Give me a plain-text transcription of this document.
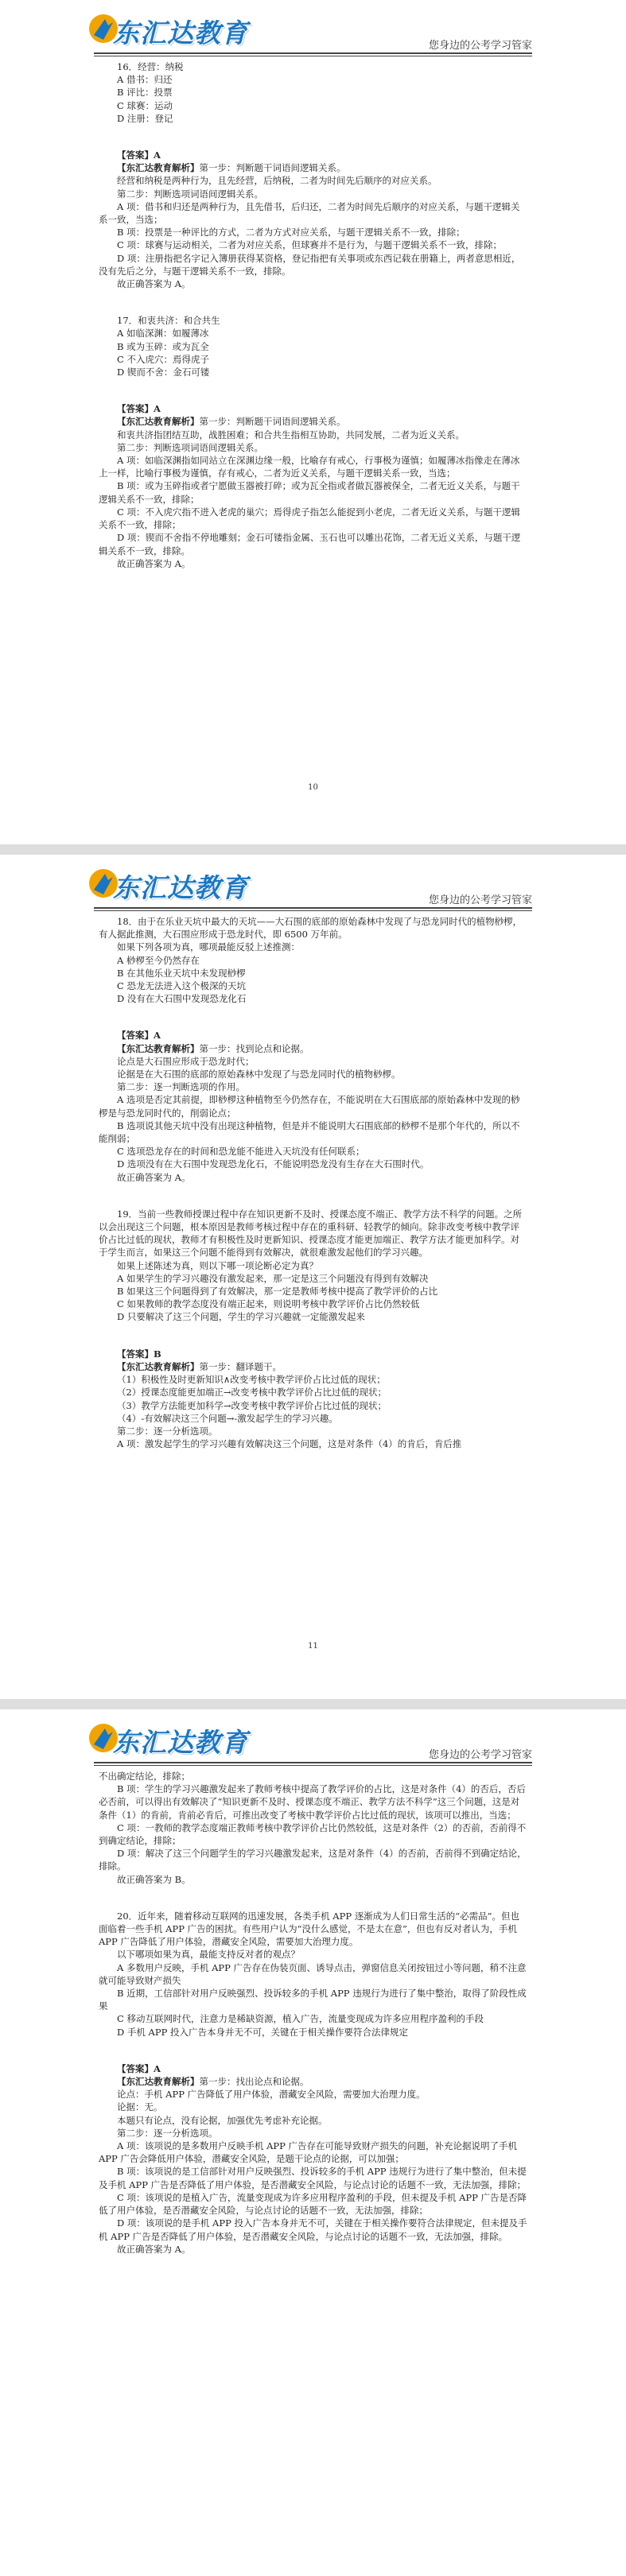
东汇达教育	您身边的公考学习管家

16．经营：纳税

A 借书：归还

B 评比：投票

C 球赛：运动

D 注册：登记

【答案】A

【东汇达教育解析】第一步：判断题干词语间逻辑关系。

经营和纳税是两种行为，且先经营，后纳税，二者为时间先后顺序的对应关系。

第二步：判断选项词语间逻辑关系。

A 项：借书和归还是两种行为，且先借书，后归还，二者为时间先后顺序的对应关系，与题干逻辑关系一致，当选；

B 项：投票是一种评比的方式，二者为方式对应关系，与题干逻辑关系不一致，排除；

C 项：球赛与运动相关，二者为对应关系，但球赛并不是行为，与题干逻辑关系不一致，排除；

D 项：注册指把名字记入簿册获得某资格，登记指把有关事项或东西记载在册籍上，两者意思相近，没有先后之分，与题干逻辑关系不一致，排除。

故正确答案为 A。

17．和衷共济：和合共生

A 如临深渊：如履薄冰

B 或为玉碎：或为瓦全

C 不入虎穴：焉得虎子

D 锲而不舍：金石可镂

【答案】A

【东汇达教育解析】第一步：判断题干词语间逻辑关系。

和衷共济指团结互助，战胜困难；和合共生指相互协助，共同发展，二者为近义关系。

第二步：判断选项词语间逻辑关系。

A 项：如临深渊指如同站立在深渊边缘一般，比喻存有戒心，行事极为谨慎；如履薄冰指像走在薄冰上一样，比喻行事极为谨慎，存有戒心，二者为近义关系，与题干逻辑关系一致，当选；

B 项：或为玉碎指或者宁愿做玉器被打碎；或为瓦全指或者做瓦器被保全，二者无近义关系，与题干逻辑关系不一致，排除；

C 项：不入虎穴指不进入老虎的巢穴；焉得虎子指怎么能捉到小老虎，二者无近义关系，与题干逻辑关系不一致，排除；

D 项：锲而不舍指不停地雕刻；金石可镂指金属、玉石也可以雕出花饰，二者无近义关系，与题干逻辑关系不一致，排除。

故正确答案为 A。

10
东汇达教育	您身边的公考学习管家

18．由于在乐业天坑中最大的天坑——大石围的底部的原始森林中发现了与恐龙同时代的植物桫椤，有人据此推测，大石围应形成于恐龙时代，即 6500 万年前。

如果下列各项为真，哪项最能反驳上述推测：

A 桫椤至今仍然存在

B 在其他乐业天坑中未发现桫椤

C 恐龙无法进入这个极深的天坑

D 没有在大石围中发现恐龙化石

【答案】A

【东汇达教育解析】第一步：找到论点和论据。

论点是大石围应形成于恐龙时代；

论据是在大石围的底部的原始森林中发现了与恐龙同时代的植物桫椤。

第二步：逐一判断选项的作用。

A 选项是否定其前提，即桫椤这种植物至今仍然存在，不能说明在大石围底部的原始森林中发现的桫椤是与恐龙同时代的，削弱论点；

B 选项说其他天坑中没有出现这种植物，但是并不能说明大石围底部的桫椤不是那个年代的，所以不能削弱；

C 选项恐龙存在的时间和恐龙能不能进入天坑没有任何联系；

D 选项没有在大石围中发现恐龙化石，不能说明恐龙没有生存在大石围时代。

故正确答案为 A。

19．当前一些教师授课过程中存在知识更新不及时、授课态度不端正、教学方法不科学的问题。之所以会出现这三个问题，根本原因是教师考核过程中存在的重科研、轻教学的倾向。除非改变考核中教学评价占比过低的现状，教师才有积极性及时更新知识、授课态度才能更加端正、教学方法才能更加科学。对于学生而言，如果这三个问题不能得到有效解决，就很难激发起他们的学习兴趣。

如果上述陈述为真，则以下哪一项论断必定为真？

A 如果学生的学习兴趣没有激发起来，那一定是这三个问题没有得到有效解决

B 如果这三个问题得到了有效解决，那一定是教师考核中提高了教学评价的占比

C 如果教师的教学态度没有端正起来，则说明考核中教学评价占比仍然较低

D 只要解决了这三个问题，学生的学习兴趣就一定能激发起来

【答案】B

【东汇达教育解析】第一步：翻译题干。

（1）积极性及时更新知识∧改变考核中教学评价占比过低的现状；

（2）授课态度能更加端正→改变考核中教学评价占比过低的现状；

（3）教学方法能更加科学→改变考核中教学评价占比过低的现状；

（4）-有效解决这三个问题→-激发起学生的学习兴趣。

第二步：逐一分析选项。

A 项：激发起学生的学习兴趣有效解决这三个问题，这是对条件（4）的肯后，肯后推

11
东汇达教育	您身边的公考学习管家

不出确定结论，排除；

B 项：学生的学习兴趣激发起来了教师考核中提高了教学评价的占比，这是对条件（4）的否后，否后必否前，可以得出有效解决了“知识更新不及时、授课态度不端正、教学方法不科学”这三个问题，这是对条件（1）的肯前，肯前必肯后，可推出改变了考核中教学评价占比过低的现状，该项可以推出，当选；

C 项：一教师的教学态度端正教师考核中教学评价占比仍然较低，这是对条件（2）的否前，否前得不到确定结论，排除；

D 项：解决了这三个问题学生的学习兴趣激发起来，这是对条件（4）的否前，否前得不到确定结论，排除。

故正确答案为 B。

20．近年来，随着移动互联网的迅速发展，各类手机 APP 逐渐成为人们日常生活的“必需品”。但也面临着一些手机 APP 广告的困扰。有些用户认为“没什么感觉，不是太在意”，但也有反对者认为，手机 APP 广告降低了用户体验，潜藏安全风险，需要加大治理力度。

以下哪项如果为真，最能支持反对者的观点？

A 多数用户反映，手机 APP 广告存在伪装页面、诱导点击，弹窗信息关闭按钮过小等问题，稍不注意就可能导致财产损失

B 近期，工信部针对用户反映强烈、投诉较多的手机 APP 违规行为进行了集中整治，取得了阶段性成果

C 移动互联网时代，注意力是稀缺资源，植入广告，流量变现成为许多应用程序盈利的手段

D 手机 APP 投入广告本身并无不可，关键在于相关操作要符合法律规定

【答案】A

【东汇达教育解析】第一步：找出论点和论据。

论点：手机 APP 广告降低了用户体验，潜藏安全风险，需要加大治理力度。

论据：无。

本题只有论点，没有论据，加强优先考虑补充论据。

第二步：逐一分析选项。

A 项：该项说的是多数用户反映手机 APP 广告存在可能导致财产损失的问题，补充论据说明了手机 APP 广告会降低用户体验，潜藏安全风险，是题干论点的论据，可以加强；

B 项：该项说的是工信部针对用户反映强烈、投诉较多的手机 APP 违规行为进行了集中整治，但未提及手机 APP 广告是否降低了用户体验，是否潜藏安全风险，与论点讨论的话题不一致，无法加强，排除；

C 项：该项说的是植入广告，流量变现成为许多应用程序盈利的手段，但未提及手机 APP 广告是否降低了用户体验，是否潜藏安全风险，与论点讨论的话题不一致，无法加强，排除；

D 项：该项说的是手机 APP 投入广告本身并无不可，关键在于相关操作要符合法律规定，但未提及手机 APP 广告是否降低了用户体验，是否潜藏安全风险，与论点讨论的话题不一致，无法加强，排除。

故正确答案为 A。
